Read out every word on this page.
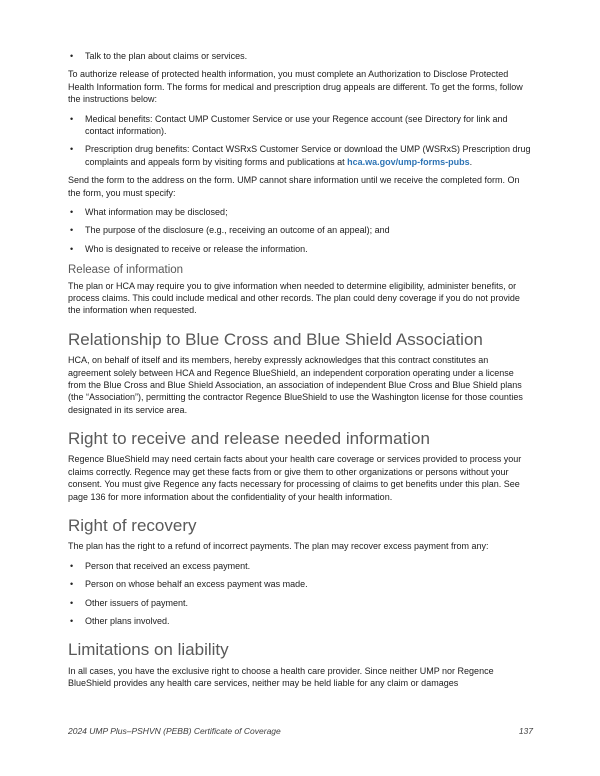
• Talk to the plan about claims or services.

To authorize release of protected health information, you must complete an Authorization to Disclose Protected Health Information form. The forms for medical and prescription drug appeals are different. To get the forms, follow the instructions below:

• Medical benefits: Contact UMP Customer Service or use your Regence account (see Directory for link and contact information).
• Prescription drug benefits: Contact WSRxS Customer Service or download the UMP (WSRxS) Prescription drug complaints and appeals form by visiting forms and publications at hca.wa.gov/ump-forms-pubs.

Send the form to the address on the form. UMP cannot share information until we receive the completed form. On the form, you must specify:

• What information may be disclosed;
• The purpose of the disclosure (e.g., receiving an outcome of an appeal); and
• Who is designated to receive or release the information.
Release of information

The plan or HCA may require you to give information when needed to determine eligibility, administer benefits, or process claims. This could include medical and other records. The plan could deny coverage if you do not provide the information when requested.

Relationship to Blue Cross and Blue Shield Association

HCA, on behalf of itself and its members, hereby expressly acknowledges that this contract constitutes an agreement solely between HCA and Regence BlueShield, an independent corporation operating under a license from the Blue Cross and Blue Shield Association, an association of independent Blue Cross and Blue Shield plans (the “Association”), permitting the contractor Regence BlueShield to use the Washington license for those counties designated in its service area.

Right to receive and release needed information

Regence BlueShield may need certain facts about your health care coverage or services provided to process your claims correctly. Regence may get these facts from or give them to other organizations or persons without your consent. You must give Regence any facts necessary for processing of claims to get benefits under this plan. See page 136 for more information about the confidentiality of your health information.

Right of recovery

The plan has the right to a refund of incorrect payments. The plan may recover excess payment from any:

• Person that received an excess payment.
• Person on whose behalf an excess payment was made.
• Other issuers of payment.
• Other plans involved.
Limitations on liability

In all cases, you have the exclusive right to choose a health care provider. Since neither UMP nor Regence BlueShield provides any health care services, neither may be held liable for any claim or damages

2024 UMP Plus–PSHVN (PEBB) Certificate of Coverage	137
